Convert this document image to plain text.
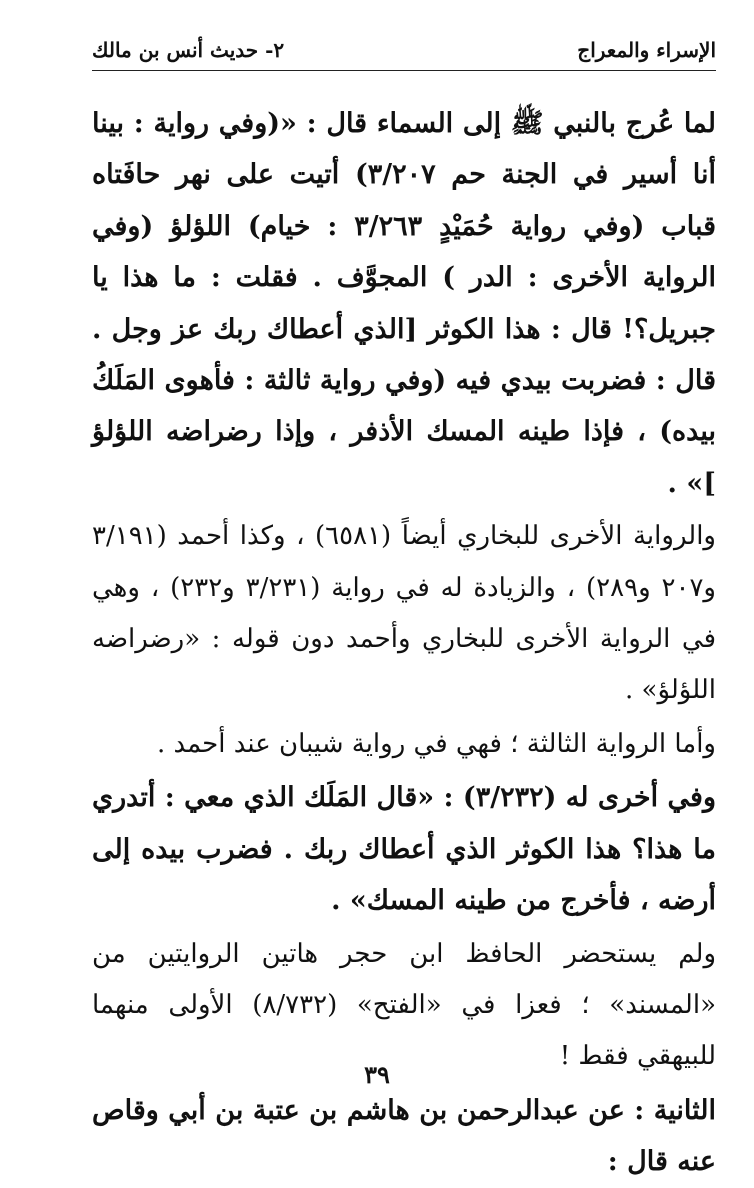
الإسراء والمعراج
٢- حديث أنس بن مالك

لما عُرج بالنبي ﷺ إلى السماء قال : «(وفي رواية : بينا أنا أسير في الجنة حم ٣/٢٠٧) أتيت على نهر حافَتاه قباب (وفي رواية حُمَيْدٍ ٣/٢٦٣ : خيام) اللؤلؤ (وفي الرواية الأخرى : الدر ) المجوَّف . فقلت : ما هذا يا جبريل؟! قال : هذا الكوثر [الذي أعطاك ربك عز وجل . قال : فضربت بيدي فيه (وفي رواية ثالثة : فأهوى المَلَكُ بيده) ، فإذا طينه المسك الأذفر ، وإذا رضراضه اللؤلؤ ]» .

والرواية الأخرى للبخاري أيضاً (٦٥٨١) ، وكذا أحمد (٣/١٩١ و٢٠٧ و٢٨٩) ، والزيادة له في رواية (٣/٢٣١ و٢٣٢) ، وهي في الرواية الأخرى للبخاري وأحمد دون قوله : «رضراضه اللؤلؤ» .

وأما الرواية الثالثة ؛ فهي في رواية شيبان عند أحمد .

وفي أخرى له (٣/٢٣٢) : «قال المَلَك الذي معي : أتدري ما هذا؟ هذا الكوثر الذي أعطاك ربك . فضرب بيده إلى أرضه ، فأخرج من طينه المسك» .

ولم يستحضر الحافظ ابن حجر هاتين الروايتين من «المسند» ؛ فعزا في «الفتح» (٨/٧٣٢) الأولى منهما للبيهقي فقط !

الثانية : عن عبدالرحمن بن هاشم بن عتبة بن أبي وقاص عنه قال :

٣٩
